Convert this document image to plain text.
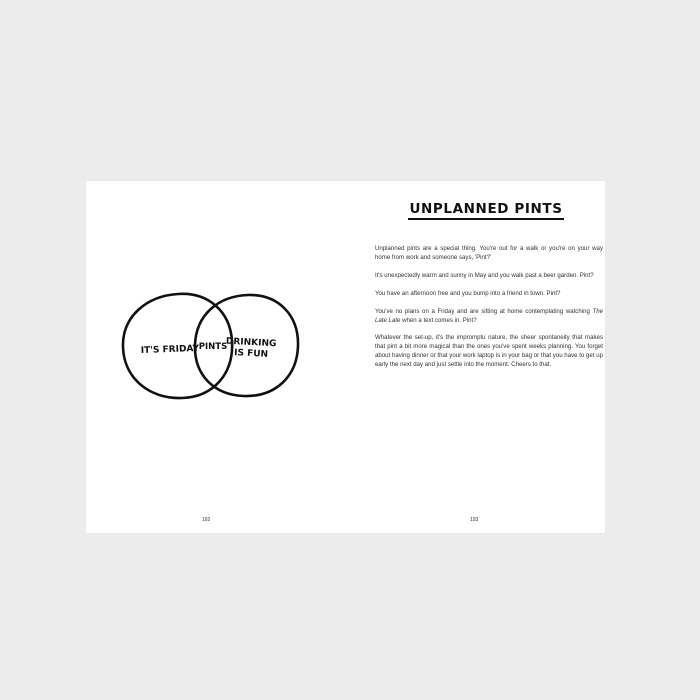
IT'S FRIDAY PINTS
DRINKING
IS FUN
192
UNPLANNED PINTS

Unplanned pints are a special thing. You're out for a walk or you're on your way home from work and someone says, 'Pint?'

It's unexpectedly warm and sunny in May and you walk past a beer garden. Pint?

You have an afternoon free and you bump into a friend in town. Pint?

You've no plans on a Friday and are sitting at home contemplating watching The Late Late when a text comes in. Pint?

Whatever the set-up, it's the impromptu nature, the sheer spontaneity that makes that pint a bit more magical than the ones you've spent weeks planning. You forget about having dinner or that your work laptop is in your bag or that you have to get up early the next day and just settle into the moment. Cheers to that.

193
